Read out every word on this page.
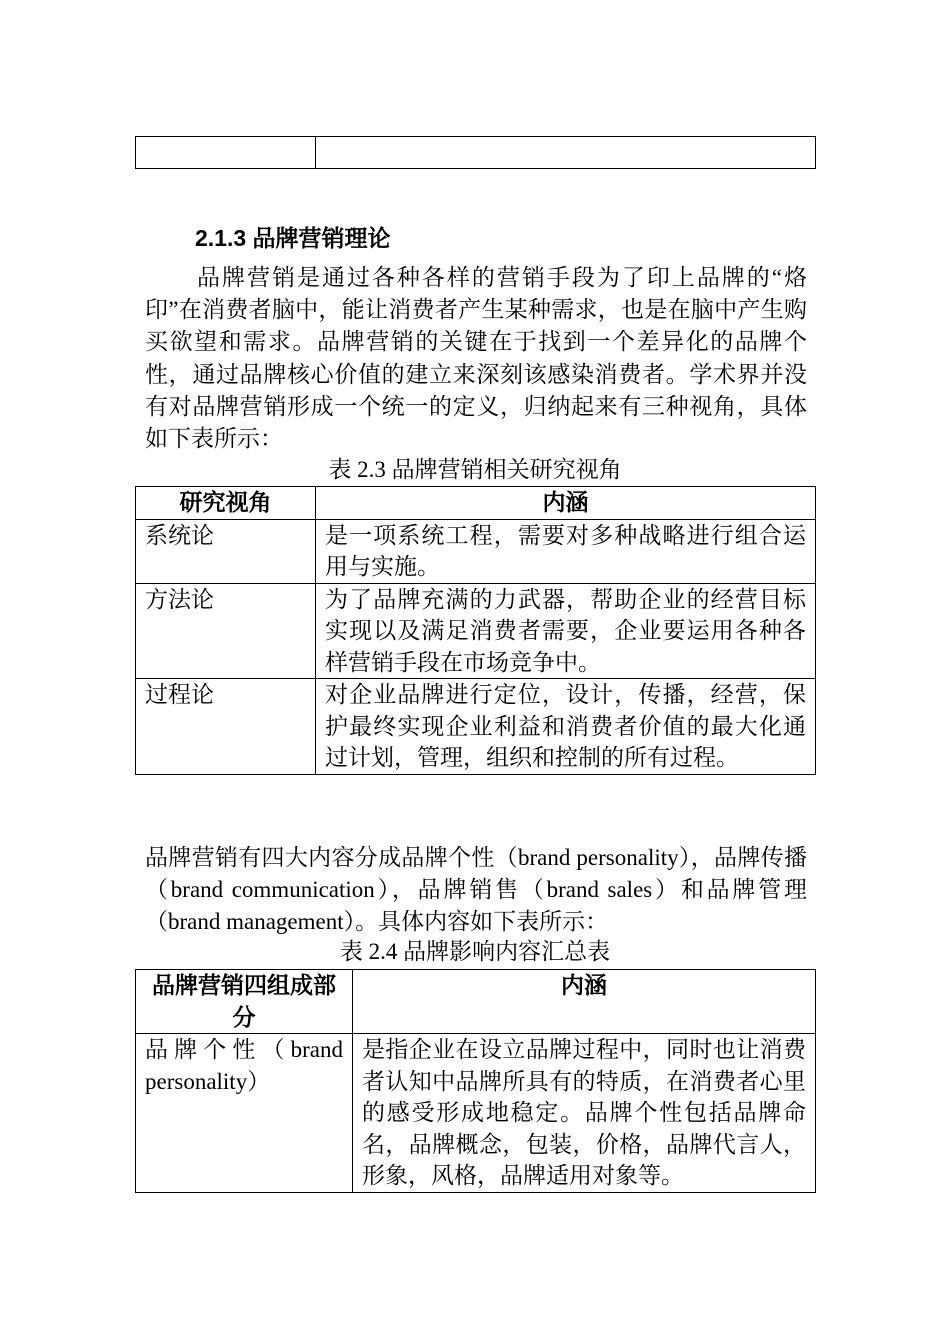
2.1.3 品牌营销理论

品牌营销是通过各种各样的营销手段为了印上品牌的“烙印”在消费者脑中，能让消费者产生某种需求，也是在脑中产生购买欲望和需求。品牌营销的关键在于找到一个差异化的品牌个性，通过品牌核心价值的建立来深刻该感染消费者。学术界并没有对品牌营销形成一个统一的定义，归纳起来有三种视角，具体如下表所示：

表 2.3 品牌营销相关研究视角

研究视角	内涵
系统论	是一项系统工程，需要对多种战略进行组合运用与实施。
方法论	为了品牌充满的力武器，帮助企业的经营目标实现以及满足消费者需要，企业要运用各种各样营销手段在市场竞争中。
过程论	对企业品牌进行定位，设计，传播，经营，保护最终实现企业利益和消费者价值的最大化通过计划，管理，组织和控制的所有过程。

品牌营销有四大内容分成品牌个性（brand personality），品牌传播（brand communication），品牌销售（brand sales）和品牌管理（brand management）。具体内容如下表所示：

表 2.4 品牌影响内容汇总表

品牌营销四组成部分	内涵
品牌个性（brand personality）	是指企业在设立品牌过程中，同时也让消费者认知中品牌所具有的特质，在消费者心里的感受形成地稳定。品牌个性包括品牌命名，品牌概念，包装，价格，品牌代言人，形象，风格，品牌适用对象等。
